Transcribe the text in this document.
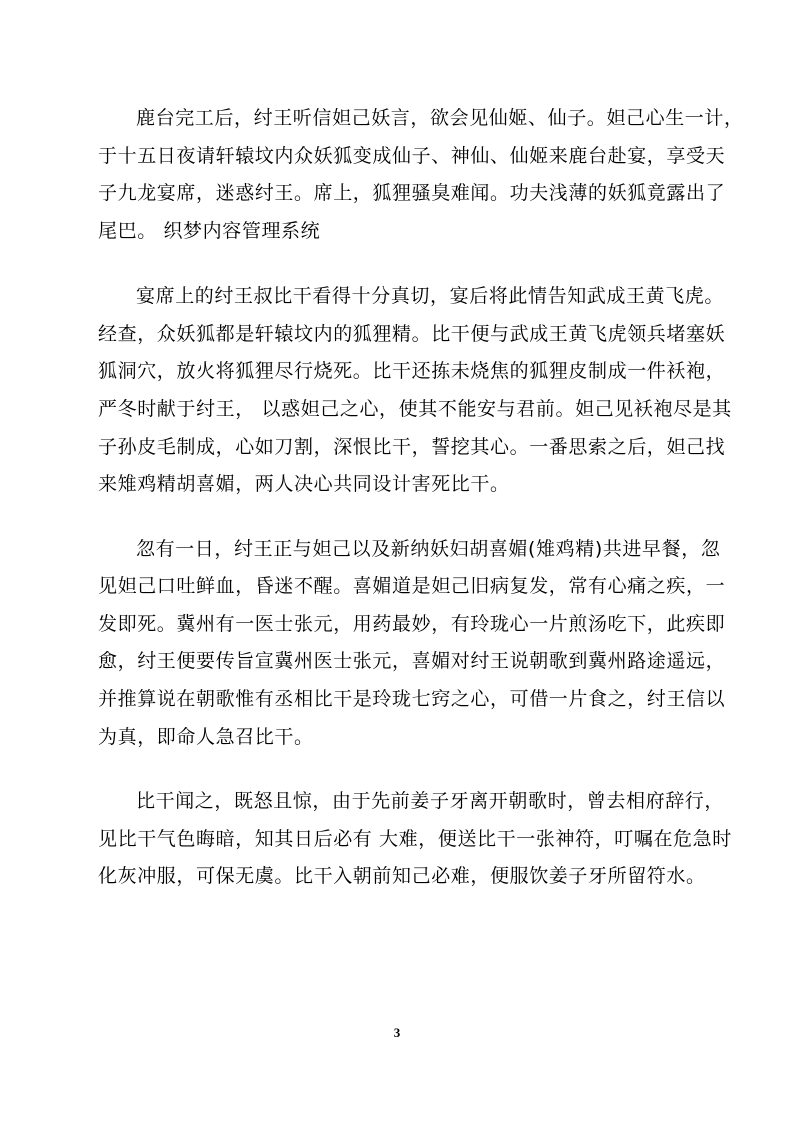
鹿台完工后，纣王听信妲己妖言，欲会见仙姬、仙子。妲己心生一计，
于十五日夜请轩辕坟内众妖狐变成仙子、神仙、仙姬来鹿台赴宴，享受天
子九龙宴席，迷惑纣王。席上，狐狸骚臭难闻。功夫浅薄的妖狐竟露出了
尾巴。 织梦内容管理系统
宴席上的纣王叔比干看得十分真切，宴后将此情告知武成王黄飞虎。
经查，众妖狐都是轩辕坟内的狐狸精。比干便与武成王黄飞虎领兵堵塞妖
狐洞穴，放火将狐狸尽行烧死。比干还拣未烧焦的狐狸皮制成一件袄袍，
严冬时献于纣王， 以惑妲己之心，使其不能安与君前。妲己见袄袍尽是其
子孙皮毛制成，心如刀割，深恨比干，誓挖其心。一番思索之后，妲己找
来雉鸡精胡喜媚，两人决心共同设计害死比干。
忽有一日，纣王正与妲己以及新纳妖妇胡喜媚(雉鸡精)共进早餐，忽
见妲己口吐鲜血，昏迷不醒。喜媚道是妲己旧病复发，常有心痛之疾，一
发即死。冀州有一医士张元，用药最妙，有玲珑心一片煎汤吃下，此疾即
愈，纣王便要传旨宣冀州医士张元，喜媚对纣王说朝歌到冀州路途遥远，
并推算说在朝歌惟有丞相比干是玲珑七窍之心，可借一片食之，纣王信以
为真，即命人急召比干。
比干闻之，既怒且惊，由于先前姜子牙离开朝歌时，曾去相府辞行，
见比干气色晦暗，知其日后必有 大难，便送比干一张神符，叮嘱在危急时
化灰冲服，可保无虞。比干入朝前知己必难，便服饮姜子牙所留符水。
3
